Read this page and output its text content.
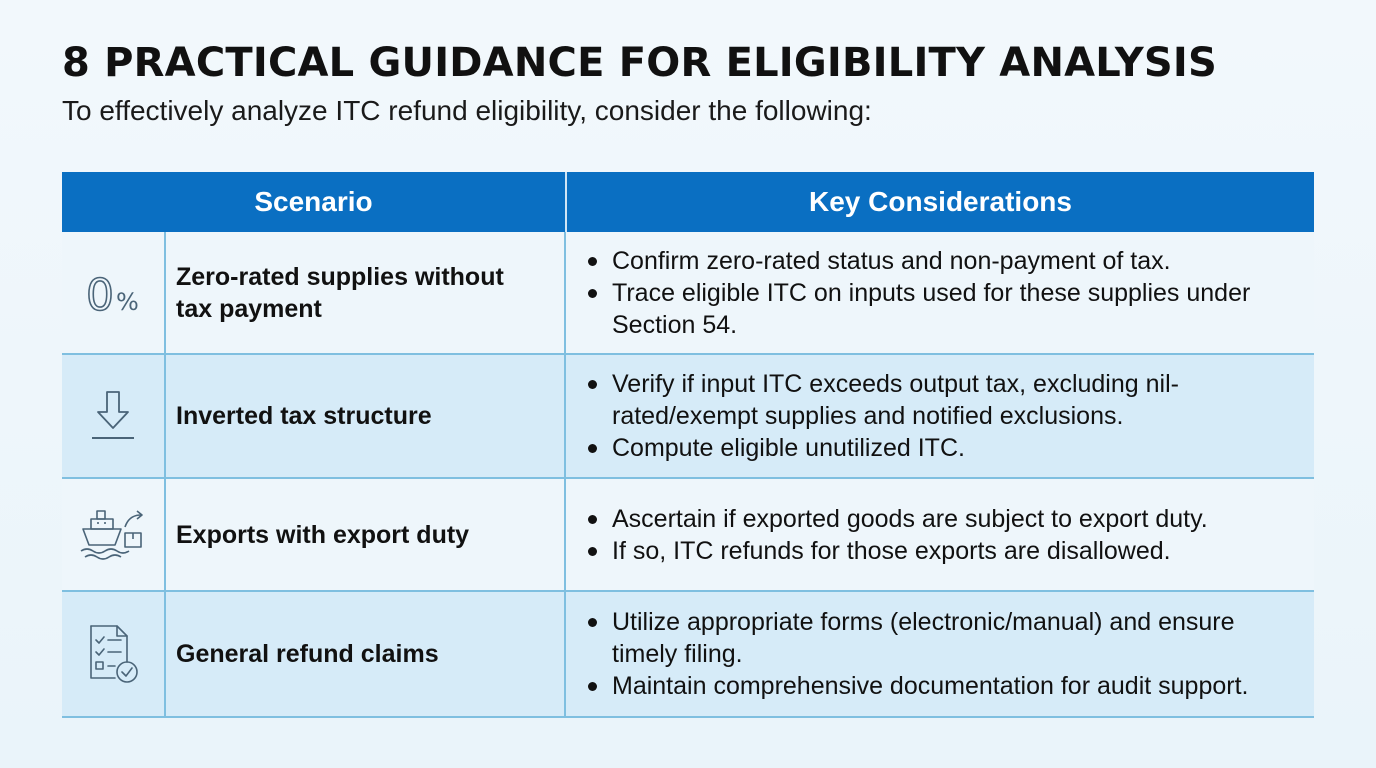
8 PRACTICAL GUIDANCE FOR ELIGIBILITY ANALYSIS
To effectively analyze ITC refund eligibility, consider the following:
Scenario	Key Considerations
0 %
Zero-rated supplies without tax payment
Confirm zero-rated status and non-payment of tax.
Trace eligible ITC on inputs used for these supplies under Section 54.
Inverted tax structure
Verify if input ITC exceeds output tax, excluding nil-rated/exempt supplies and notified exclusions.
Compute eligible unutilized ITC.
Exports with export duty
Ascertain if exported goods are subject to export duty.
If so, ITC refunds for those exports are disallowed.
General refund claims
Utilize appropriate forms (electronic/manual) and ensure timely filing.
Maintain comprehensive documentation for audit support.
